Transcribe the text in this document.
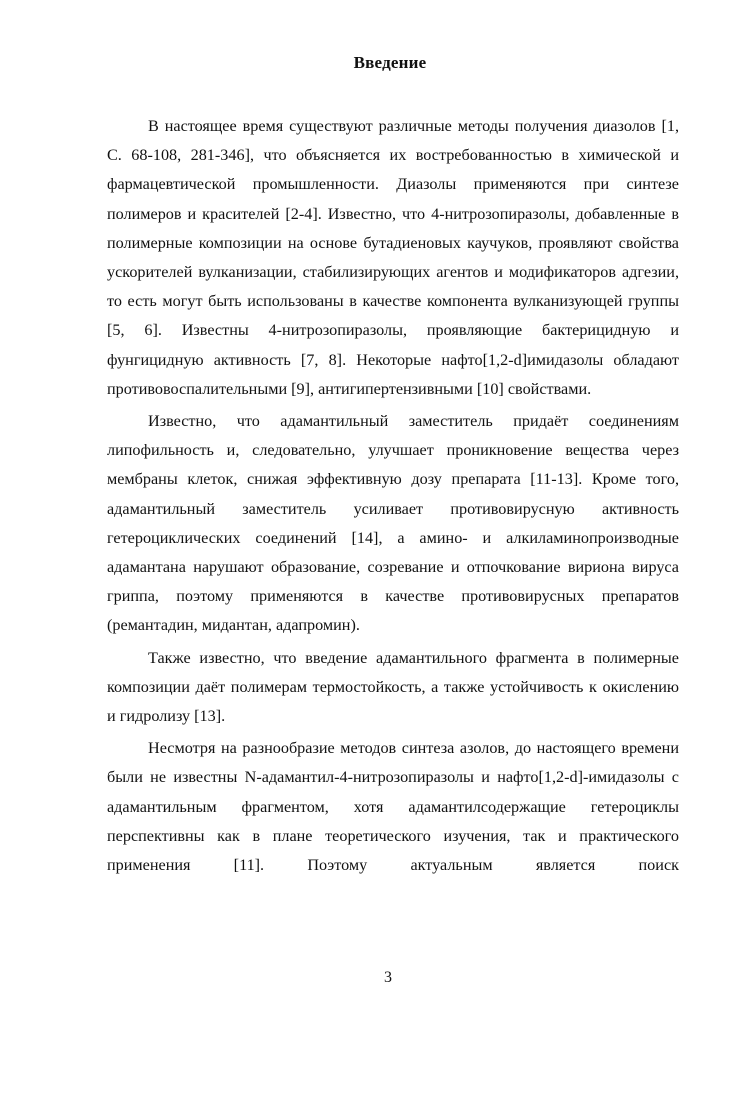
Введение

В настоящее время существуют различные методы получения диазолов [1, С. 68-108, 281-346], что объясняется их востребованностью в химической и фармацевтической промышленности. Диазолы применяются при синтезе полимеров и красителей [2-4]. Известно, что 4-нитрозопиразолы, добавленные в полимерные композиции на основе бутадиеновых каучуков, проявляют свойства ускорителей вулканизации, стабилизирующих агентов и модификаторов адгезии, то есть могут быть использованы в качестве компонента вулканизующей группы [5, 6]. Известны 4-нитрозопиразолы, проявляющие бактерицидную и фунгицидную активность [7, 8]. Некоторые нафто[1,2-d]имидазолы обладают противовоспалительными [9], антигипертензивными [10] свойствами.

Известно, что адамантильный заместитель придаёт соединениям липофильность и, следовательно, улучшает проникновение вещества через мембраны клеток, снижая эффективную дозу препарата [11-13]. Кроме того, адамантильный заместитель усиливает противовирусную активность гетероциклических соединений [14], а амино- и алкиламинопроизводные адамантана нарушают образование, созревание и отпочкование вириона вируса гриппа, поэтому применяются в качестве противовирусных препаратов (ремантадин, мидантан, адапромин).

Также известно, что введение адамантильного фрагмента в полимерные композиции даёт полимерам термостойкость, а также устойчивость к окислению и гидролизу [13].

Несмотря на разнообразие методов синтеза азолов, до настоящего времени были не известны N-адамантил-4-нитрозопиразолы и нафто[1,2-d]-имидазолы с адамантильным фрагментом, хотя адамантилсодержащие гетероциклы перспективны как в плане теоретического изучения, так и практического применения [11]. Поэтому актуальным является поиск

3
